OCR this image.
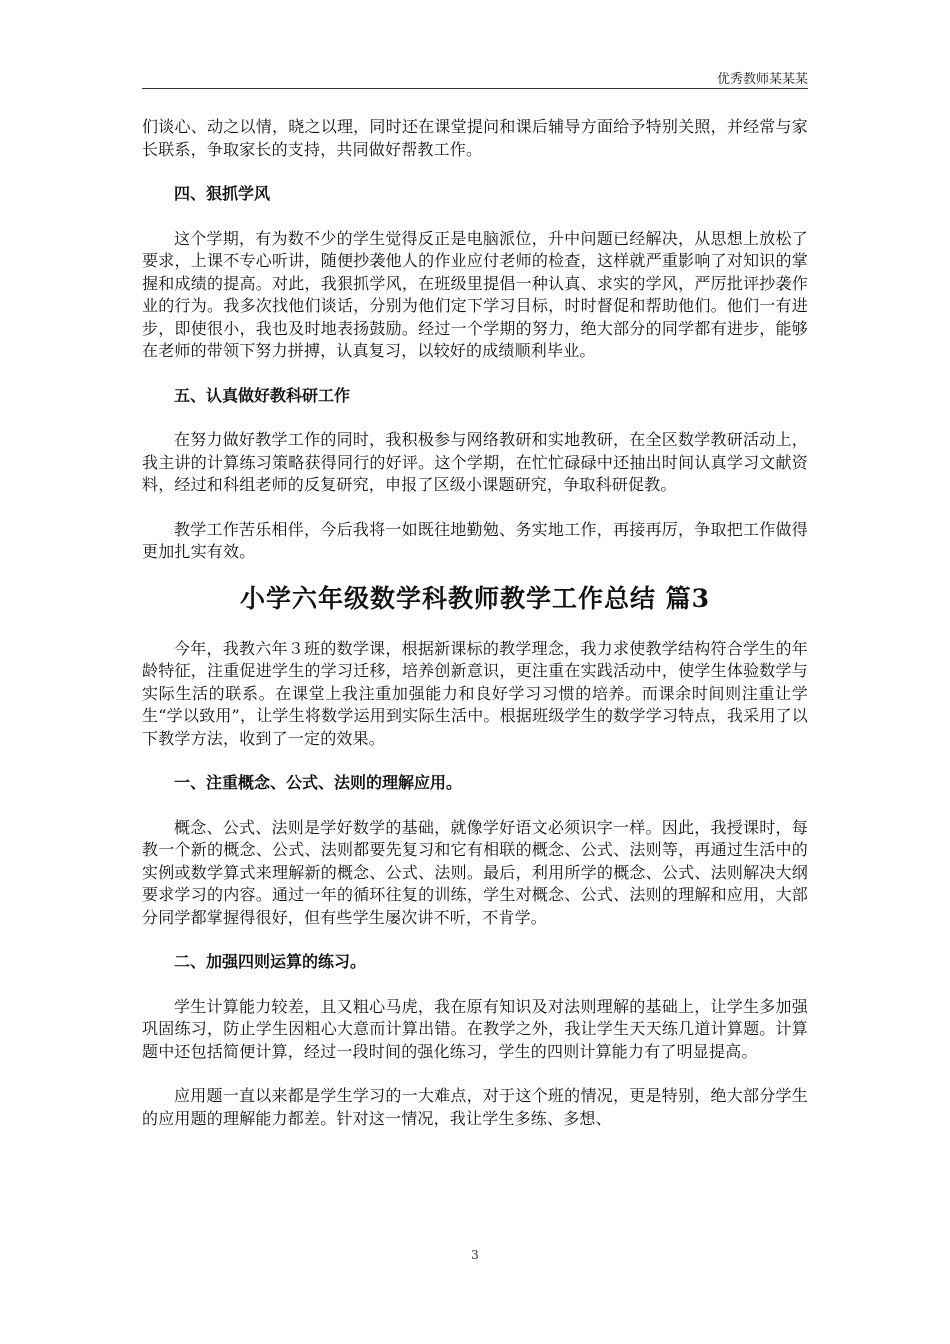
优秀教师某某某

们谈心、动之以情，晓之以理，同时还在课堂提问和课后辅导方面给予特别关照，并经常与家长联系，争取家长的支持，共同做好帮教工作。

四、狠抓学风

这个学期，有为数不少的学生觉得反正是电脑派位，升中问题已经解决，从思想上放松了要求，上课不专心听讲，随便抄袭他人的作业应付老师的检查，这样就严重影响了对知识的掌握和成绩的提高。对此，我狠抓学风，在班级里提倡一种认真、求实的学风，严厉批评抄袭作业的行为。我多次找他们谈话，分别为他们定下学习目标，时时督促和帮助他们。他们一有进步，即使很小，我也及时地表扬鼓励。经过一个学期的努力，绝大部分的同学都有进步，能够在老师的带领下努力拼搏，认真复习，以较好的成绩顺利毕业。

五、认真做好教科研工作

在努力做好教学工作的同时，我积极参与网络教研和实地教研，在全区数学教研活动上，我主讲的计算练习策略获得同行的好评。这个学期，在忙忙碌碌中还抽出时间认真学习文献资料，经过和科组老师的反复研究，申报了区级小课题研究，争取科研促教。

教学工作苦乐相伴，今后我将一如既往地勤勉、务实地工作，再接再厉，争取把工作做得更加扎实有效。

小学六年级数学科教师教学工作总结 篇3

今年，我教六年３班的数学课，根据新课标的教学理念，我力求使教学结构符合学生的年龄特征，注重促进学生的学习迁移，培养创新意识，更注重在实践活动中，使学生体验数学与实际生活的联系。在课堂上我注重加强能力和良好学习习惯的培养。而课余时间则注重让学生“学以致用”，让学生将数学运用到实际生活中。根据班级学生的数学学习特点，我采用了以下教学方法，收到了一定的效果。

一、注重概念、公式、法则的理解应用。

概念、公式、法则是学好数学的基础，就像学好语文必须识字一样。因此，我授课时，每教一个新的概念、公式、法则都要先复习和它有相联的概念、公式、法则等，再通过生活中的实例或数学算式来理解新的概念、公式、法则。最后，利用所学的概念、公式、法则解决大纲要求学习的内容。通过一年的循环往复的训练，学生对概念、公式、法则的理解和应用，大部分同学都掌握得很好，但有些学生屡次讲不听，不肯学。

二、加强四则运算的练习。

学生计算能力较差，且又粗心马虎，我在原有知识及对法则理解的基础上，让学生多加强巩固练习，防止学生因粗心大意而计算出错。在教学之外，我让学生天天练几道计算题。计算题中还包括简便计算，经过一段时间的强化练习，学生的四则计算能力有了明显提高。

应用题一直以来都是学生学习的一大难点，对于这个班的情况，更是特别，绝大部分学生的应用题的理解能力都差。针对这一情况，我让学生多练、多想、

3
